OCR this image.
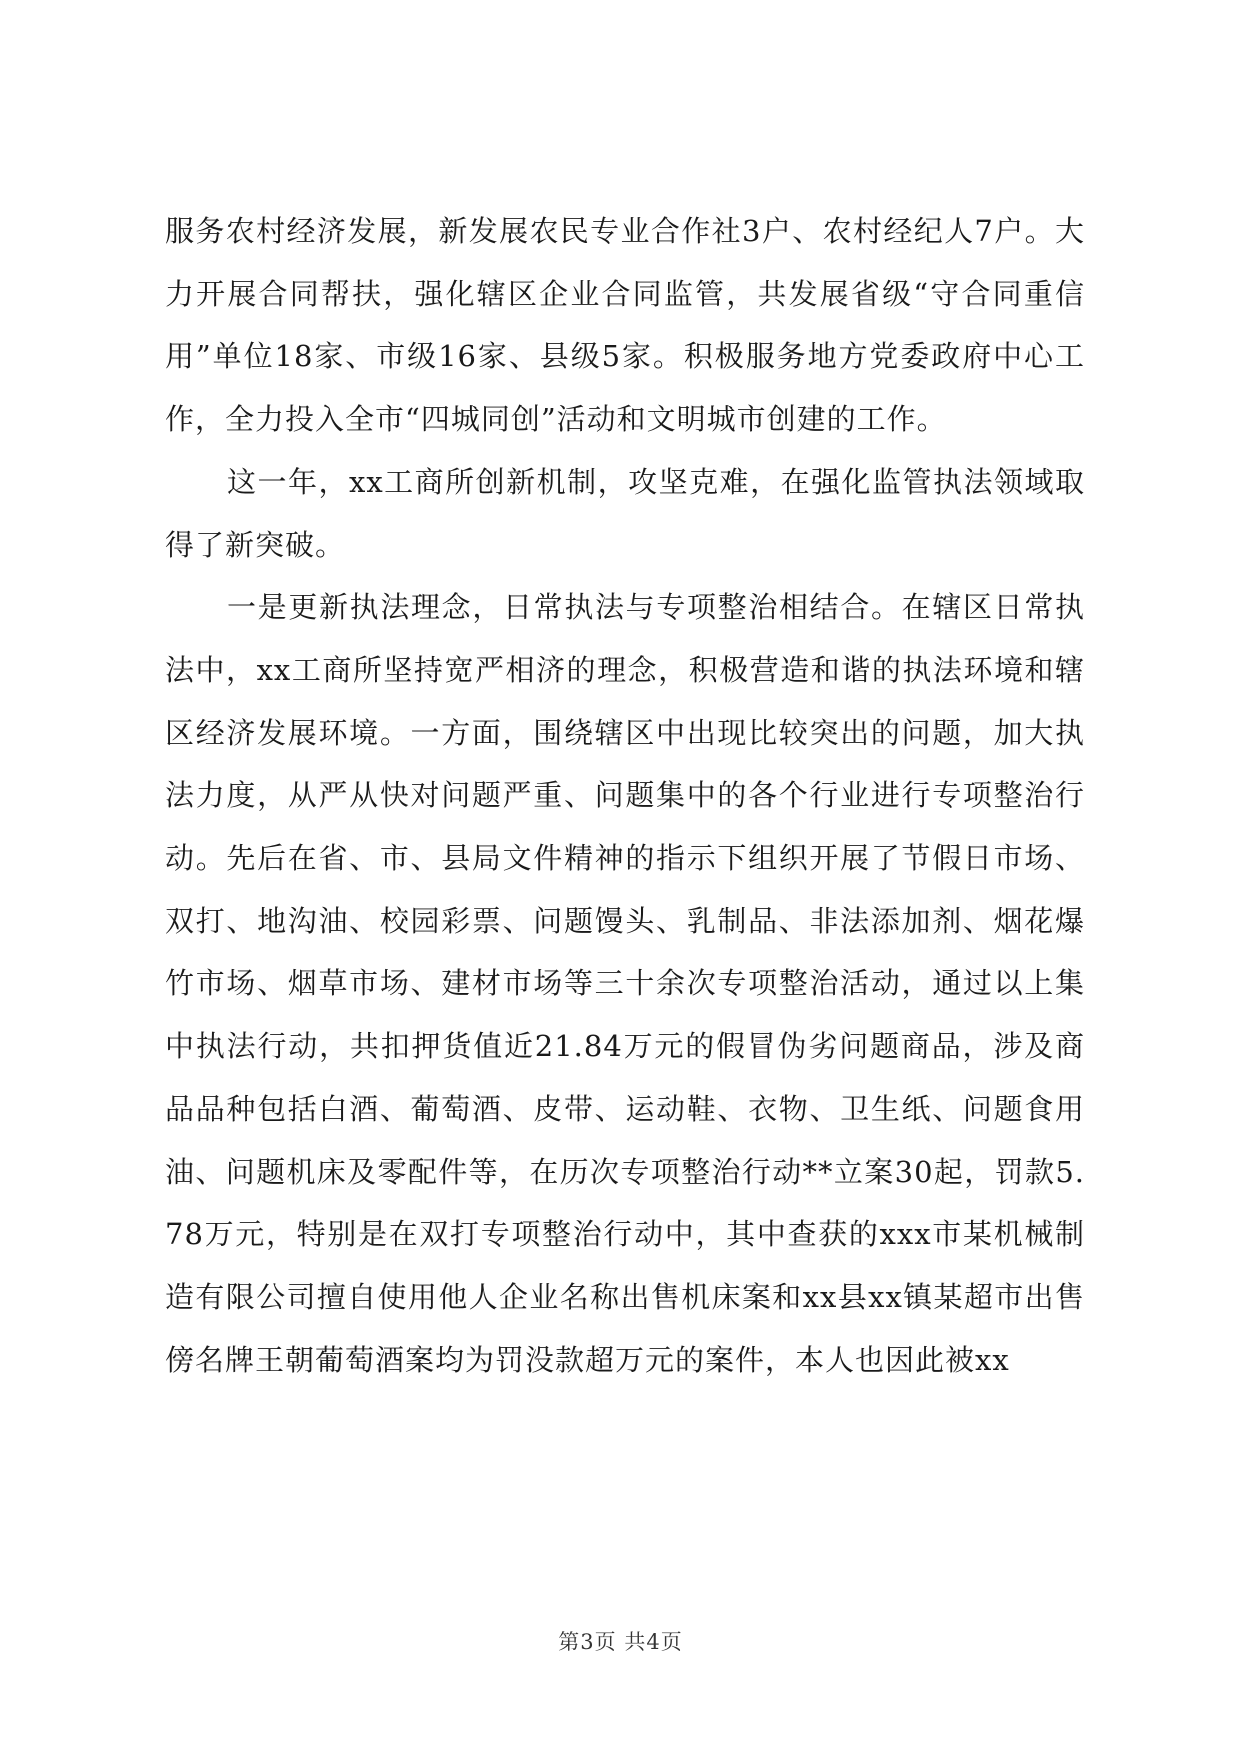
服务农村经济发展，新发展农民专业合作社3户、农村经纪人7户。大力开展合同帮扶，强化辖区企业合同监管，共发展省级“守合同重信用”单位18家、市级16家、县级5家。积极服务地方党委政府中心工作，全力投入全市“四城同创”活动和文明城市创建的工作。

这一年，xx工商所创新机制，攻坚克难，在强化监管执法领域取得了新突破。

一是更新执法理念，日常执法与专项整治相结合。在辖区日常执法中，xx工商所坚持宽严相济的理念，积极营造和谐的执法环境和辖区经济发展环境。一方面，围绕辖区中出现比较突出的问题，加大执法力度，从严从快对问题严重、问题集中的各个行业进行专项整治行动。先后在省、市、县局文件精神的指示下组织开展了节假日市场、双打、地沟油、校园彩票、问题馒头、乳制品、非法添加剂、烟花爆竹市场、烟草市场、建材市场等三十余次专项整治活动，通过以上集中执法行动，共扣押货值近21.84万元的假冒伪劣问题商品，涉及商品品种包括白酒、葡萄酒、皮带、运动鞋、衣物、卫生纸、问题食用油、问题机床及零配件等，在历次专项整治行动**立案30起，罚款5.78万元，特别是在双打专项整治行动中，其中查获的xxx市某机械制造有限公司擅自使用他人企业名称出售机床案和xx县xx镇某超市出售傍名牌王朝葡萄酒案均为罚没款超万元的案件，本人也因此被xx

第3页 共4页
